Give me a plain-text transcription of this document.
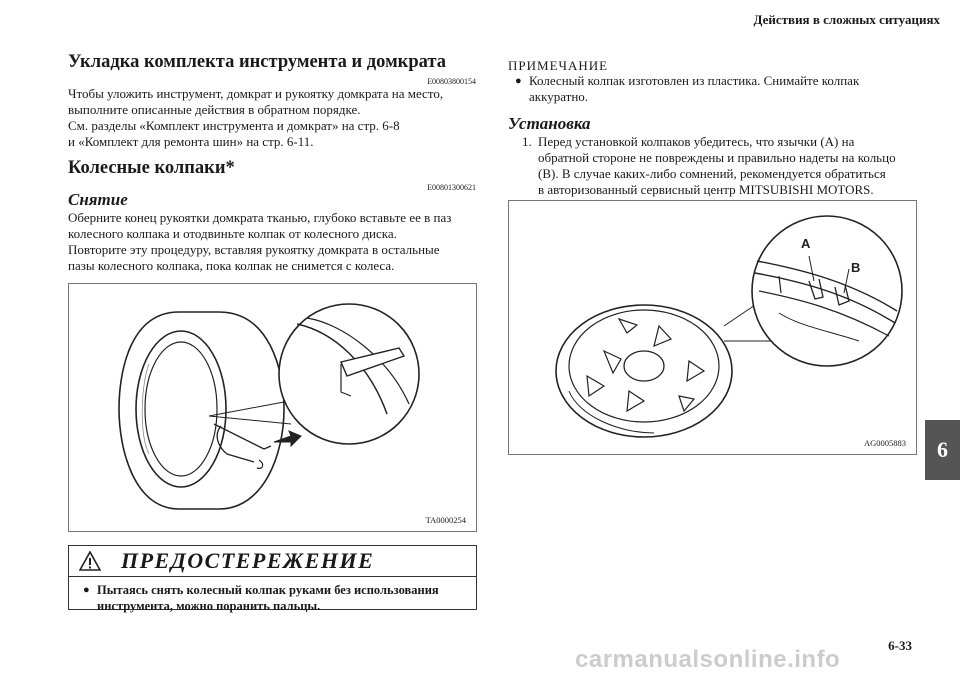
Действия в сложных ситуациях
Укладка комплекта инструмента и домкрата
E00803800154
Чтобы уложить инструмент, домкрат и рукоятку домкрата на место,
выполните описанные действия в обратном порядке.
См. разделы «Комплект инструмента и домкрат» на стр. 6-8
и «Комплект для ремонта шин» на стр. 6-11.
Колесные колпаки*
E00801300621
Снятие
Оберните конец рукоятки домкрата тканью, глубоко вставьте ее в паз
колесного колпака и отодвиньте колпак от колесного диска.
Повторите эту процедуру, вставляя рукоятку домкрата в остальные
пазы колесного колпака, пока колпак не снимется с колеса.
TA0000254
ПРЕДОСТЕРЕЖЕНИЕ
● Пытаясь снять колесный колпак руками без использования
инструмента, можно поранить пальцы.
ПРИМЕЧАНИЕ
● Колесный колпак изготовлен из пластика. Снимайте колпак
аккуратно.
Установка
1. Перед установкой колпаков убедитесь, что язычки (A) на
обратной стороне не повреждены и правильно надеты на кольцо
(B). В случае каких-либо сомнений, рекомендуется обратиться
в авторизованный сервисный центр MITSUBISHI MOTORS.
A
B
AG0005883	6
6-33
carmanualsonline.info
